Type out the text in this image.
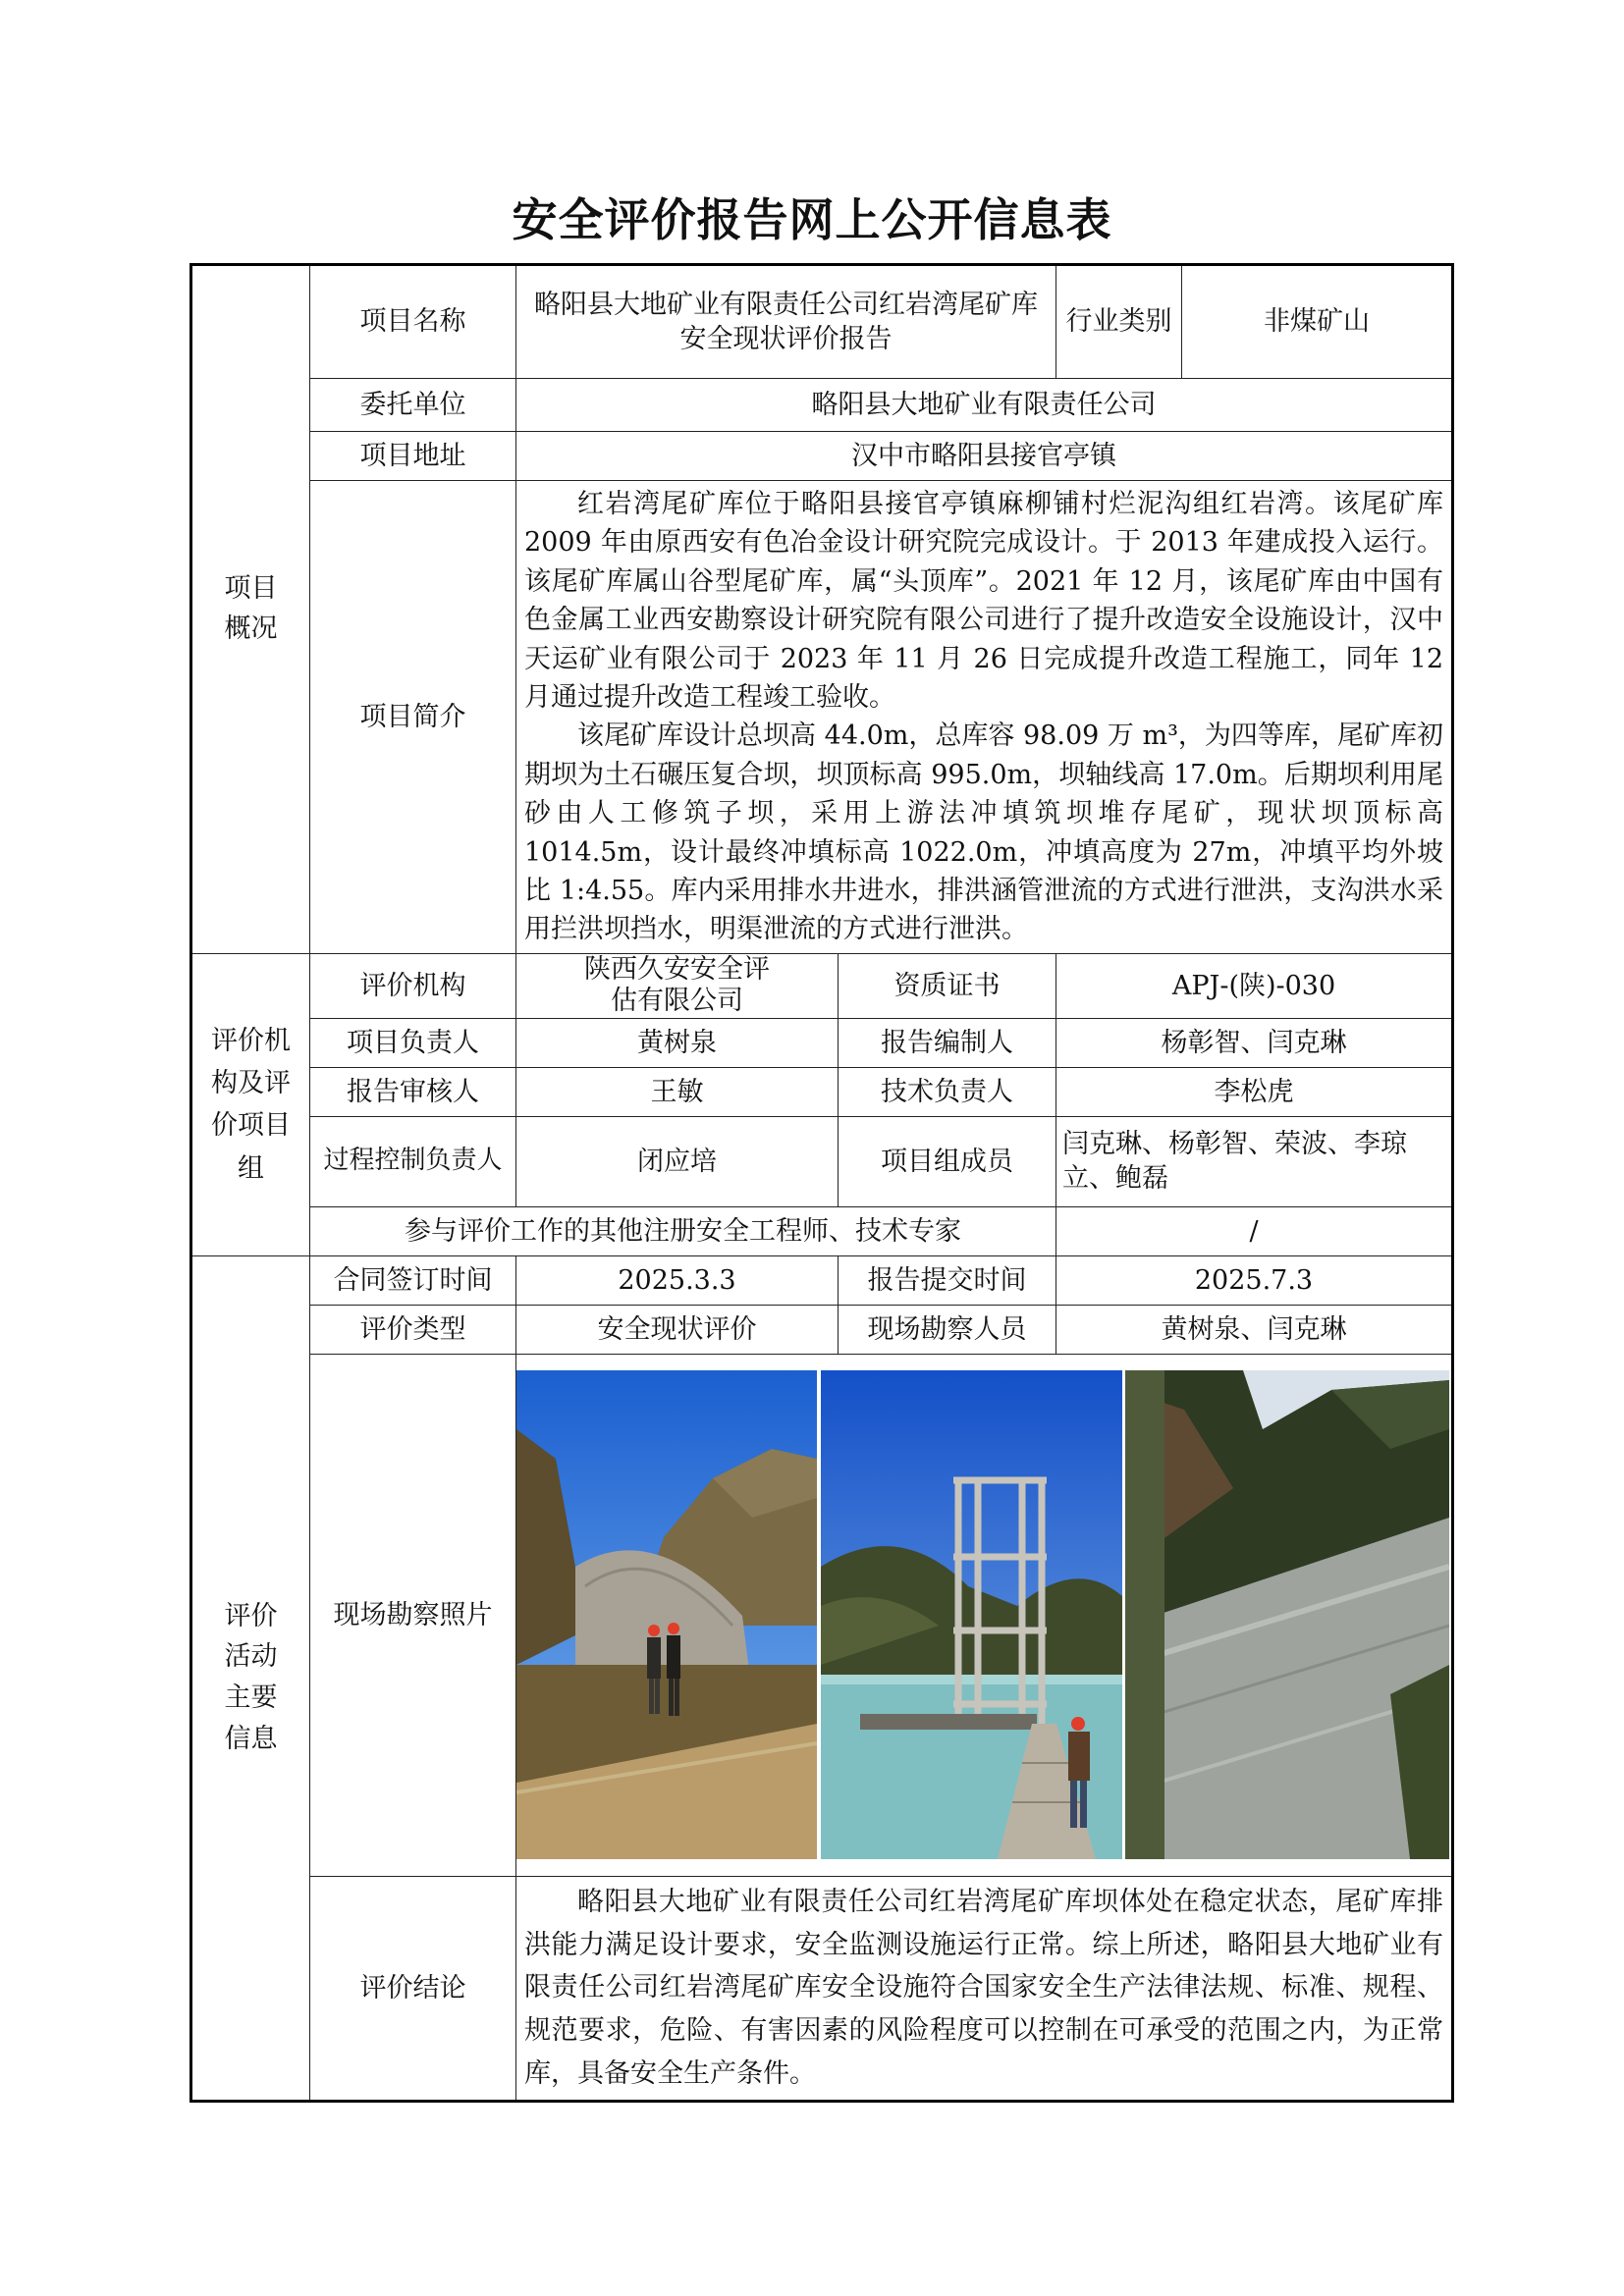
安全评价报告网上公开信息表
项目概况	项目名称	略阳县大地矿业有限责任公司红岩湾尾矿库安全现状评价报告		行业类别	非煤矿山
	委托单位	略阳县大地矿业有限责任公司			
	项目地址	汉中市略阳县接官亭镇			
	项目简介	红岩湾尾矿库位于略阳县接官亭镇麻柳铺村烂泥沟组红岩湾。该尾矿库 2009 年由原西安有色冶金设计研究院完成设计。于 2013 年建成投入运行。该尾矿库属山谷型尾矿库，属“头顶库”。2021 年 12 月，该尾矿库由中国有色金属工业西安勘察设计研究院有限公司进行了提升改造安全设施设计，汉中天运矿业有限公司于 2023 年 11 月 26 日完成提升改造工程施工，同年 12 月通过提升改造工程竣工验收。

该尾矿库设计总坝高 44.0m，总库容 98.09 万 m³，为四等库，尾矿库初期坝为土石碾压复合坝，坝顶标高 995.0m，坝轴线高 17.0m。后期坝利用尾砂由人工修筑子坝，采用上游法冲填筑坝堆存尾矿，现状坝顶标高 1014.5m，设计最终冲填标高 1022.0m，冲填高度为 27m，冲填平均外坡比 1:4.55。库内采用排水井进水，排洪涵管泄流的方式进行泄洪，支沟洪水采用拦洪坝挡水，明渠泄流的方式进行泄洪。			

评价机构及评价项目组	评价机构	陕西久安安全评估有限公司	资质证书	APJ-(陕)-030	
	项目负责人	黄树泉	报告编制人	杨彰智、闫克琳	
	报告审核人	王敏	技术负责人	李松虎	
	过程控制负责人	闭应培	项目组成员	闫克琳、杨彰智、荣波、李琼立、鲍磊	
	参与评价工作的其他注册安全工程师、技术专家			/	

评价活动主要信息	合同签订时间	2025.3.3	报告提交时间	2025.7.3	
	评价类型	安全现状评价	现场勘察人员	黄树泉、闫克琳	
	现场勘察照片	

	评价结论	略阳县大地矿业有限责任公司红岩湾尾矿库坝体处在稳定状态，尾矿库排洪能力满足设计要求，安全监测设施运行正常。综上所述，略阳县大地矿业有限责任公司红岩湾尾矿库安全设施符合国家安全生产法律法规、标准、规程、规范要求，危险、有害因素的风险程度可以控制在可承受的范围之内，为正常库，具备安全生产条件。			
